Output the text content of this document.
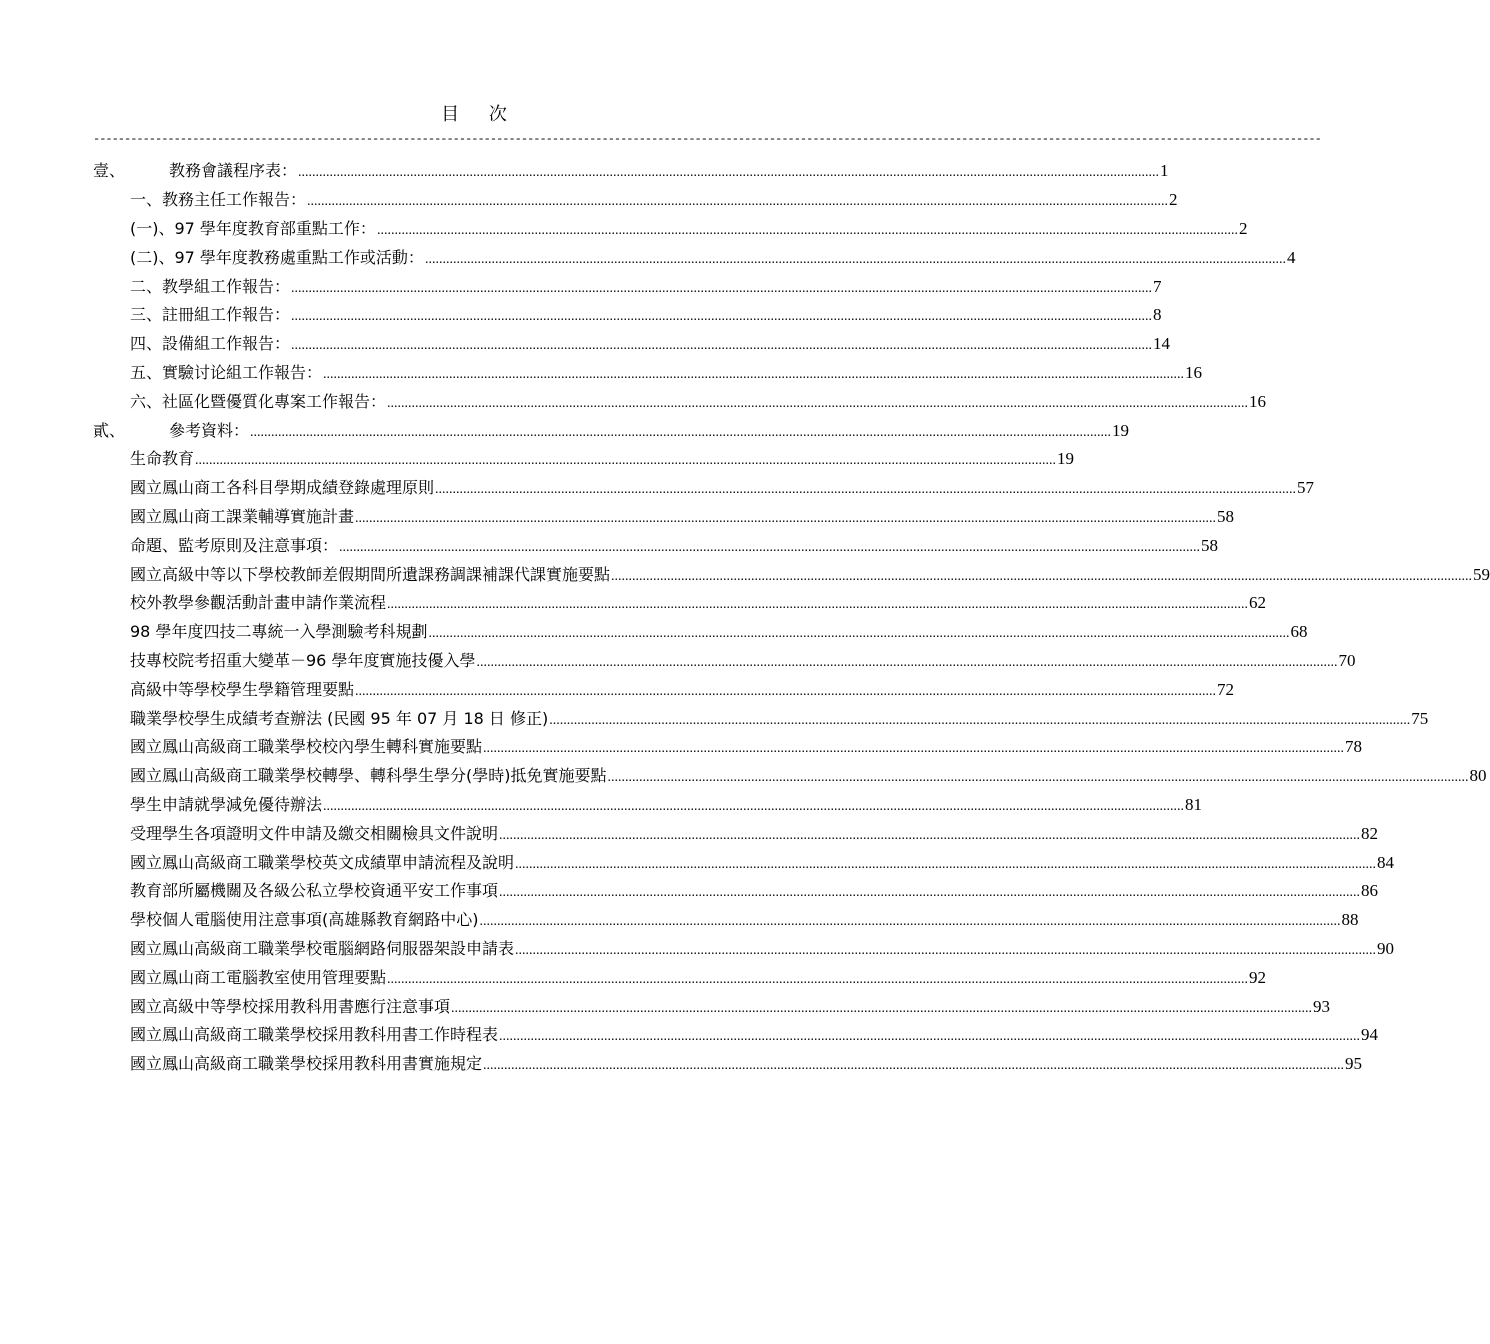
目 次
------------------------------------------------------------------------------------------------------------------------------------------------------------------------------------------------------
壹、	教務會議程序表： ...................................................................................................................................................................................................................................................... 1
一、教務主任工作報告： ...................................................................................................................................................................................................................................................... 2
(一)、97 學年度教育部重點工作： ...................................................................................................................................................................................................................................................... 2
(二)、97 學年度教務處重點工作或活動： ...................................................................................................................................................................................................................................................... 4
二、教學組工作報告： ...................................................................................................................................................................................................................................................... 7
三、註冊組工作報告： ...................................................................................................................................................................................................................................................... 8
四、設備組工作報告： ...................................................................................................................................................................................................................................................... 14
五、實驗讨论組工作報告： ...................................................................................................................................................................................................................................................... 16
六、社區化暨優質化專案工作報告： ...................................................................................................................................................................................................................................................... 16
貳、	參考資料： ...................................................................................................................................................................................................................................................... 19
生命教育 ...................................................................................................................................................................................................................................................... 19
國立鳳山商工各科目學期成績登錄處理原則 ...................................................................................................................................................................................................................................................... 57
國立鳳山商工課業輔導實施計畫 ...................................................................................................................................................................................................................................................... 58
命題、監考原則及注意事項： ...................................................................................................................................................................................................................................................... 58
國立高級中等以下學校教師差假期間所遺課務調課補課代課實施要點 ...................................................................................................................................................................................................................................................... 59
校外教學參觀活動計畫申請作業流程 ...................................................................................................................................................................................................................................................... 62
98 學年度四技二專統一入學測驗考科規劃 ...................................................................................................................................................................................................................................................... 68
技專校院考招重大變革－96 學年度實施技優入學 ...................................................................................................................................................................................................................................................... 70
高級中等學校學生學籍管理要點 ...................................................................................................................................................................................................................................................... 72
職業學校學生成績考查辦法 (民國 95 年 07 月 18 日 修正) ...................................................................................................................................................................................................................................................... 75
國立鳳山高級商工職業學校校內學生轉科實施要點 ...................................................................................................................................................................................................................................................... 78
國立鳳山高級商工職業學校轉學、轉科學生學分(學時)抵免實施要點 ...................................................................................................................................................................................................................................................... 80
學生申請就學減免優待辦法 ...................................................................................................................................................................................................................................................... 81
受理學生各項證明文件申請及繳交相關檢具文件說明 ...................................................................................................................................................................................................................................................... 82
國立鳳山高級商工職業學校英文成績單申請流程及說明 ...................................................................................................................................................................................................................................................... 84
教育部所屬機關及各級公私立學校資通平安工作事項 ...................................................................................................................................................................................................................................................... 86
學校個人電腦使用注意事項(高雄縣教育網路中心) ...................................................................................................................................................................................................................................................... 88
國立鳳山高級商工職業學校電腦網路伺服器架設申請表 ...................................................................................................................................................................................................................................................... 90
國立鳳山商工電腦教室使用管理要點 ...................................................................................................................................................................................................................................................... 92
國立高級中等學校採用教科用書應行注意事項 ...................................................................................................................................................................................................................................................... 93
國立鳳山高級商工職業學校採用教科用書工作時程表 ...................................................................................................................................................................................................................................................... 94
國立鳳山高級商工職業學校採用教科用書實施規定 ...................................................................................................................................................................................................................................................... 95
